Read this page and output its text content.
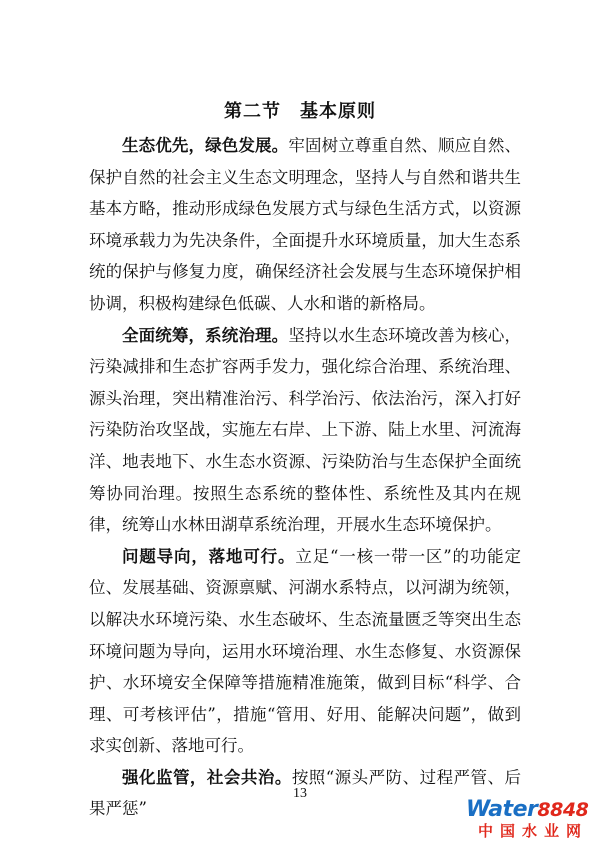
第二节　基本原则

生态优先，绿色发展。牢固树立尊重自然、顺应自然、保护自然的社会主义生态文明理念，坚持人与自然和谐共生基本方略，推动形成绿色发展方式与绿色生活方式，以资源环境承载力为先决条件，全面提升水环境质量，加大生态系统的保护与修复力度，确保经济社会发展与生态环境保护相协调，积极构建绿色低碳、人水和谐的新格局。

全面统筹，系统治理。坚持以水生态环境改善为核心，污染减排和生态扩容两手发力，强化综合治理、系统治理、源头治理，突出精准治污、科学治污、依法治污，深入打好污染防治攻坚战，实施左右岸、上下游、陆上水里、河流海洋、地表地下、水生态水资源、污染防治与生态保护全面统筹协同治理。按照生态系统的整体性、系统性及其内在规律，统筹山水林田湖草系统治理，开展水生态环境保护。

问题导向，落地可行。立足“一核一带一区”的功能定位、发展基础、资源禀赋、河湖水系特点，以河湖为统领，以解决水环境污染、水生态破坏、生态流量匮乏等突出生态环境问题为导向，运用水环境治理、水生态修复、水资源保护、水环境安全保障等措施精准施策，做到目标“科学、合理、可考核评估”，措施“管用、好用、能解决问题”，做到求实创新、落地可行。

强化监管，社会共治。按照“源头严防、过程严管、后果严惩”

13
Water8848
中国水业网
